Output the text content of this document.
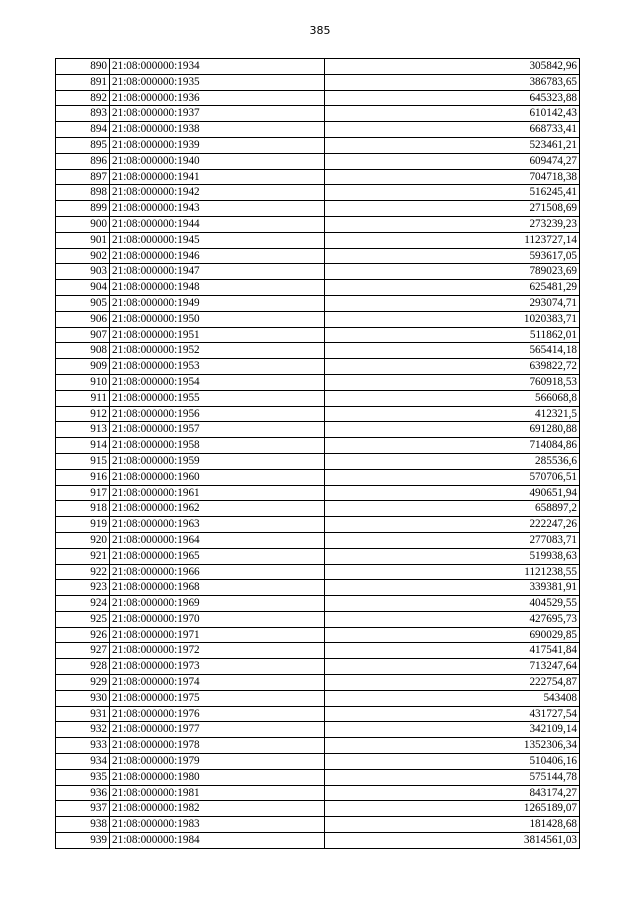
385
890	21:08:000000:1934	305842,96
891	21:08:000000:1935	386783,65
892	21:08:000000:1936	645323,88
893	21:08:000000:1937	610142,43
894	21:08:000000:1938	668733,41
895	21:08:000000:1939	523461,21
896	21:08:000000:1940	609474,27
897	21:08:000000:1941	704718,38
898	21:08:000000:1942	516245,41
899	21:08:000000:1943	271508,69
900	21:08:000000:1944	273239,23
901	21:08:000000:1945	1123727,14
902	21:08:000000:1946	593617,05
903	21:08:000000:1947	789023,69
904	21:08:000000:1948	625481,29
905	21:08:000000:1949	293074,71
906	21:08:000000:1950	1020383,71
907	21:08:000000:1951	511862,01
908	21:08:000000:1952	565414,18
909	21:08:000000:1953	639822,72
910	21:08:000000:1954	760918,53
911	21:08:000000:1955	566068,8
912	21:08:000000:1956	412321,5
913	21:08:000000:1957	691280,88
914	21:08:000000:1958	714084,86
915	21:08:000000:1959	285536,6
916	21:08:000000:1960	570706,51
917	21:08:000000:1961	490651,94
918	21:08:000000:1962	658897,2
919	21:08:000000:1963	222247,26
920	21:08:000000:1964	277083,71
921	21:08:000000:1965	519938,63
922	21:08:000000:1966	1121238,55
923	21:08:000000:1968	339381,91
924	21:08:000000:1969	404529,55
925	21:08:000000:1970	427695,73
926	21:08:000000:1971	690029,85
927	21:08:000000:1972	417541,84
928	21:08:000000:1973	713247,64
929	21:08:000000:1974	222754,87
930	21:08:000000:1975	543408
931	21:08:000000:1976	431727,54
932	21:08:000000:1977	342109,14
933	21:08:000000:1978	1352306,34
934	21:08:000000:1979	510406,16
935	21:08:000000:1980	575144,78
936	21:08:000000:1981	843174,27
937	21:08:000000:1982	1265189,07
938	21:08:000000:1983	181428,68
939	21:08:000000:1984	3814561,03
